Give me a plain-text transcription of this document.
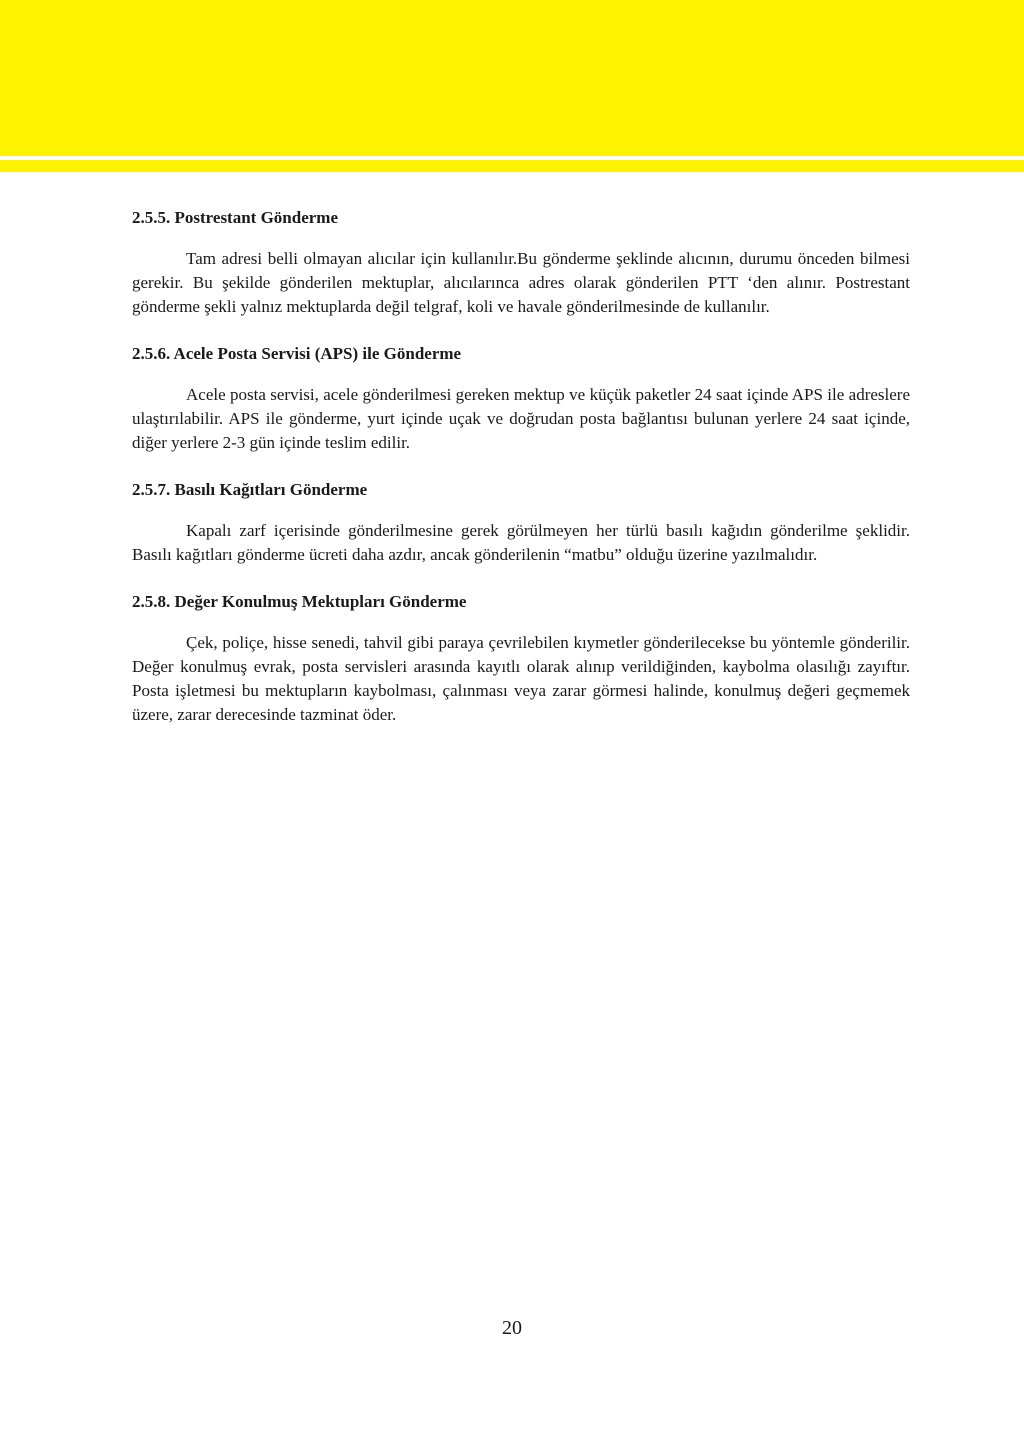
2.5.5. Postrestant Gönderme

Tam adresi belli olmayan alıcılar için kullanılır.Bu gönderme şeklinde alıcının, durumu önceden bilmesi gerekir. Bu şekilde gönderilen mektuplar, alıcılarınca adres olarak gönderilen PTT ‘den alınır. Postrestant gönderme şekli yalnız mektuplarda değil telgraf, koli ve havale gönderilmesinde de kullanılır.

2.5.6. Acele Posta Servisi (APS) ile Gönderme

Acele posta servisi, acele gönderilmesi gereken mektup ve küçük paketler 24 saat içinde APS ile adreslere ulaştırılabilir. APS ile gönderme, yurt içinde uçak ve doğrudan posta bağlantısı bulunan yerlere 24 saat içinde, diğer yerlere 2-3 gün içinde teslim edilir.

2.5.7. Basılı Kağıtları Gönderme

Kapalı zarf içerisinde gönderilmesine gerek görülmeyen her türlü basılı kağıdın gönderilme şeklidir. Basılı kağıtları gönderme ücreti daha azdır, ancak gönderilenin “matbu” olduğu üzerine yazılmalıdır.

2.5.8. Değer Konulmuş Mektupları Gönderme

Çek, poliçe, hisse senedi, tahvil gibi paraya çevrilebilen kıymetler gönderilecekse bu yöntemle gönderilir. Değer konulmuş evrak, posta servisleri arasında kayıtlı olarak alınıp verildiğinden, kaybolma olasılığı zayıftır. Posta işletmesi bu mektupların kaybolması, çalınması veya zarar görmesi halinde, konulmuş değeri geçmemek üzere, zarar derecesinde tazminat öder.

20
